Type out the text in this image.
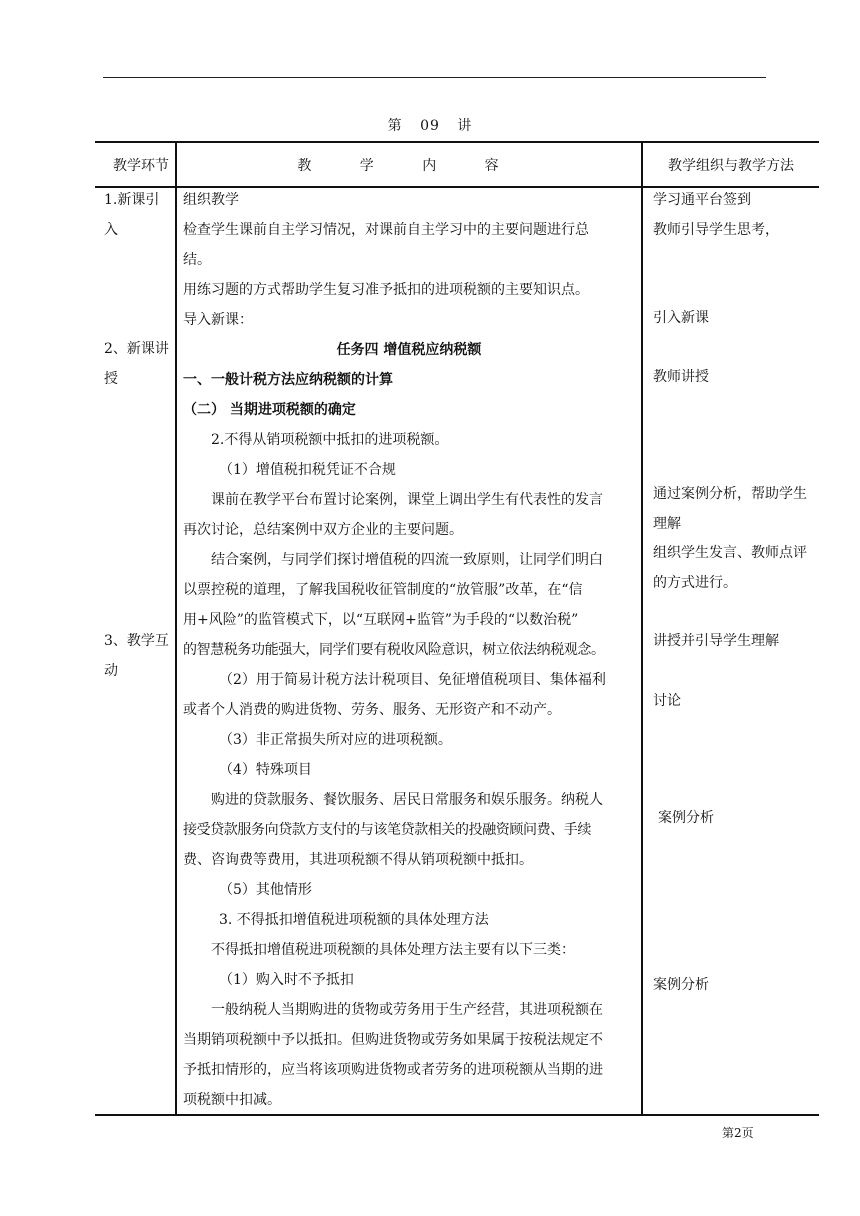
第 09 讲
教学环节	教 学 内 容	教学组织与教学方法
1.新课引
入
2、新课讲
授
3、教学互
动
组织教学
检查学生课前自主学习情况，对课前自主学习中的主要问题进行总
结。
用练习题的方式帮助学生复习准予抵扣的进项税额的主要知识点。
导入新课：
任务四 增值税应纳税额
一、一般计税方法应纳税额的计算
（二） 当期进项税额的确定
2.不得从销项税额中抵扣的进项税额。
（1）增值税扣税凭证不合规
课前在教学平台布置讨论案例，课堂上调出学生有代表性的发言
再次讨论，总结案例中双方企业的主要问题。
结合案例，与同学们探讨增值税的四流一致原则，让同学们明白
以票控税的道理，了解我国税收征管制度的“放管服”改革，在“信
用+风险”的监管模式下，以“互联网+监管”为手段的“以数治税”
的智慧税务功能强大，同学们要有税收风险意识，树立依法纳税观念。
（2）用于简易计税方法计税项目、免征增值税项目、集体福利
或者个人消费的购进货物、劳务、服务、无形资产和不动产。
（3）非正常损失所对应的进项税额。
（4）特殊项目
购进的贷款服务、餐饮服务、居民日常服务和娱乐服务。纳税人
接受贷款服务向贷款方支付的与该笔贷款相关的投融资顾问费、手续
费、咨询费等费用，其进项税额不得从销项税额中抵扣。
（5）其他情形
3. 不得抵扣增值税进项税额的具体处理方法
不得抵扣增值税进项税额的具体处理方法主要有以下三类：
（1）购入时不予抵扣
一般纳税人当期购进的货物或劳务用于生产经营，其进项税额在
当期销项税额中予以抵扣。但购进货物或劳务如果属于按税法规定不
予抵扣情形的，应当将该项购进货物或者劳务的进项税额从当期的进
项税额中扣减。
学习通平台签到
教师引导学生思考，
引入新课
教师讲授
通过案例分析，帮助学生
理解
组织学生发言、教师点评
的方式进行。
讲授并引导学生理解
讨论
案例分析
案例分析
第2页
